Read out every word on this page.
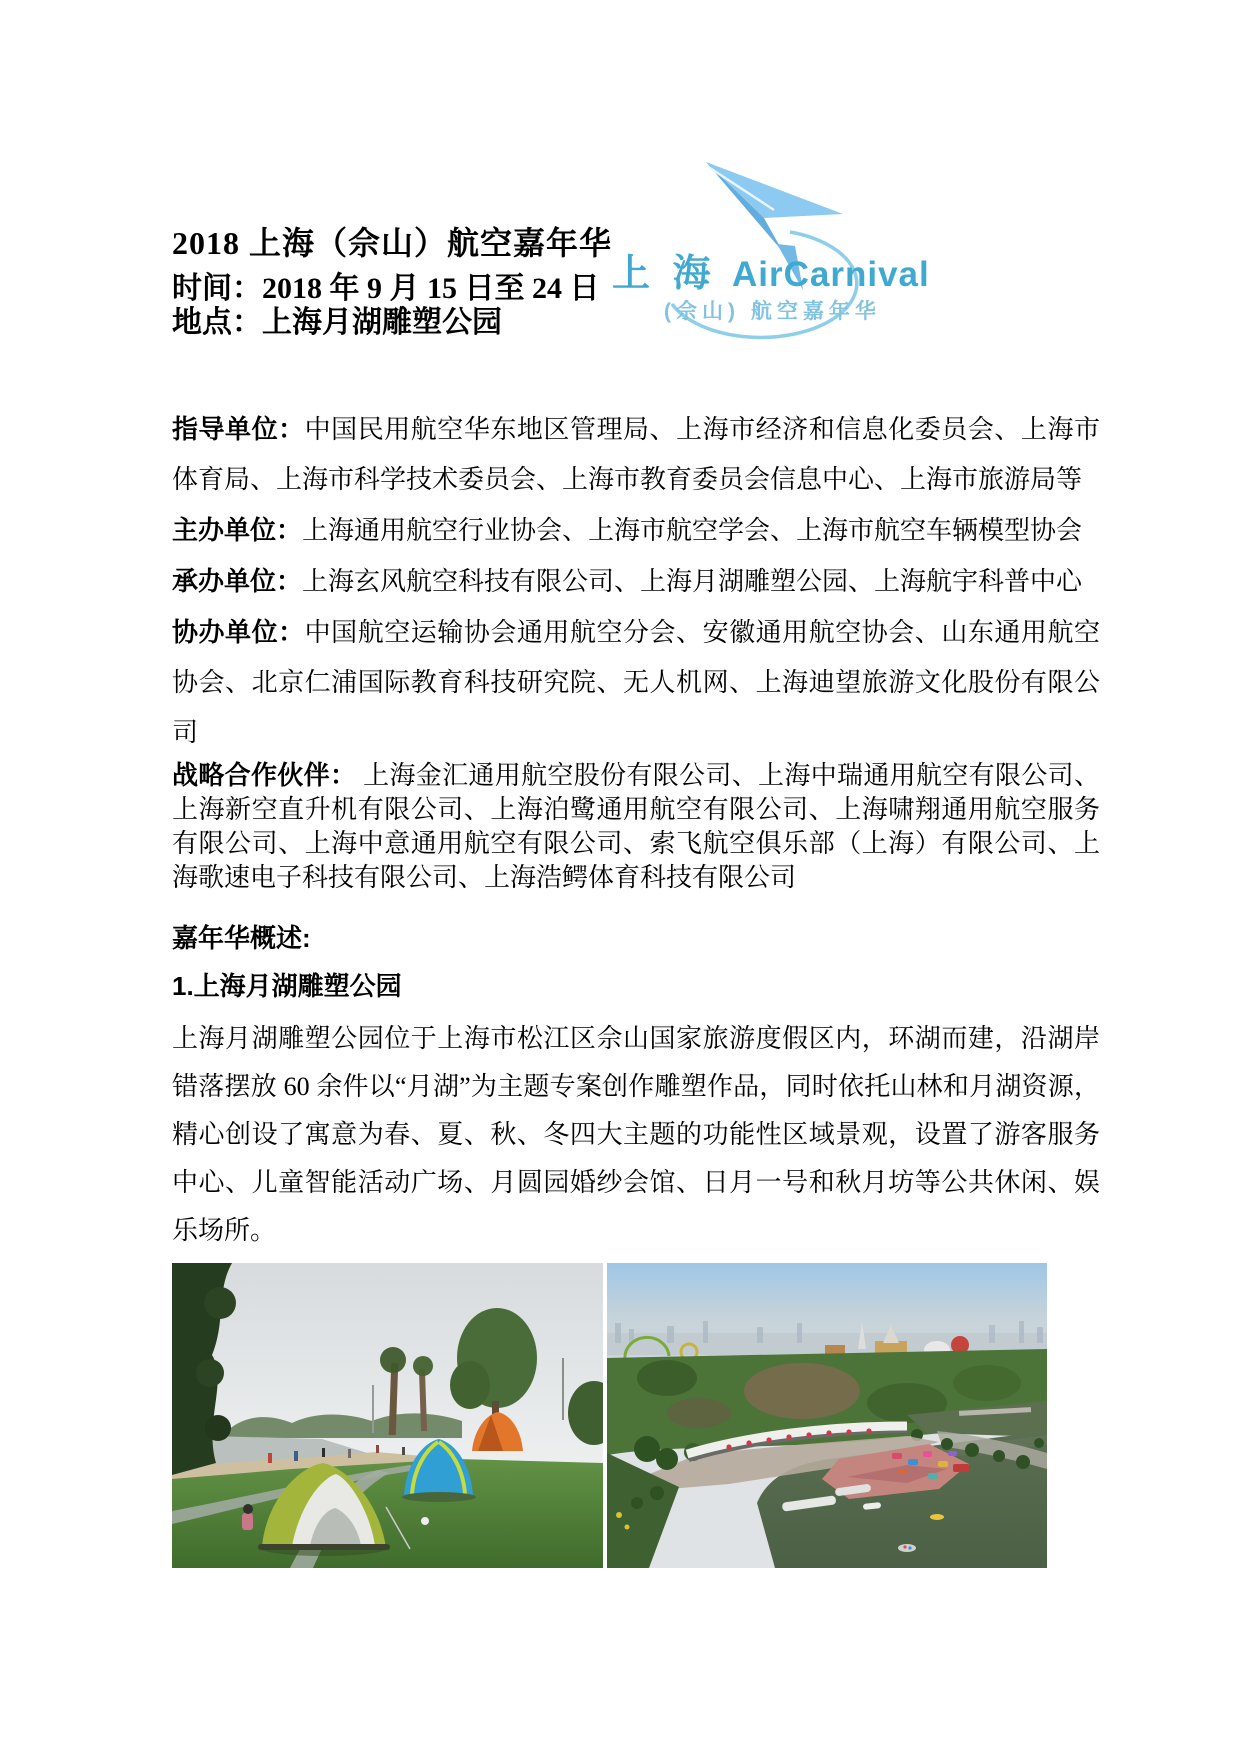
上 海 AirCarnival
(佘山) 航空嘉年华
2018 上海（佘山）航空嘉年华

时间：2018 年 9 月 15 日至 24 日

地点：上海月湖雕塑公园

指导单位：中国民用航空华东地区管理局、上海市经济和信息化委员会、上海市体育局、上海市科学技术委员会、上海市教育委员会信息中心、上海市旅游局等

主办单位：上海通用航空行业协会、上海市航空学会、上海市航空车辆模型协会

承办单位：上海玄风航空科技有限公司、上海月湖雕塑公园、上海航宇科普中心

协办单位：中国航空运输协会通用航空分会、安徽通用航空协会、山东通用航空协会、北京仁浦国际教育科技研究院、无人机网、上海迪望旅游文化股份有限公司

战略合作伙伴： 上海金汇通用航空股份有限公司、上海中瑞通用航空有限公司、上海新空直升机有限公司、上海泊鹭通用航空有限公司、上海啸翔通用航空服务有限公司、上海中意通用航空有限公司、索飞航空俱乐部（上海）有限公司、上海歌速电子科技有限公司、上海浩鳄体育科技有限公司

嘉年华概述:
1.上海月湖雕塑公园

上海月湖雕塑公园位于上海市松江区佘山国家旅游度假区内，环湖而建，沿湖岸错落摆放 60 余件以“月湖”为主题专案创作雕塑作品，同时依托山林和月湖资源，精心创设了寓意为春、夏、秋、冬四大主题的功能性区域景观，设置了游客服务中心、儿童智能活动广场、月圆园婚纱会馆、日月一号和秋月坊等公共休闲、娱乐场所。
